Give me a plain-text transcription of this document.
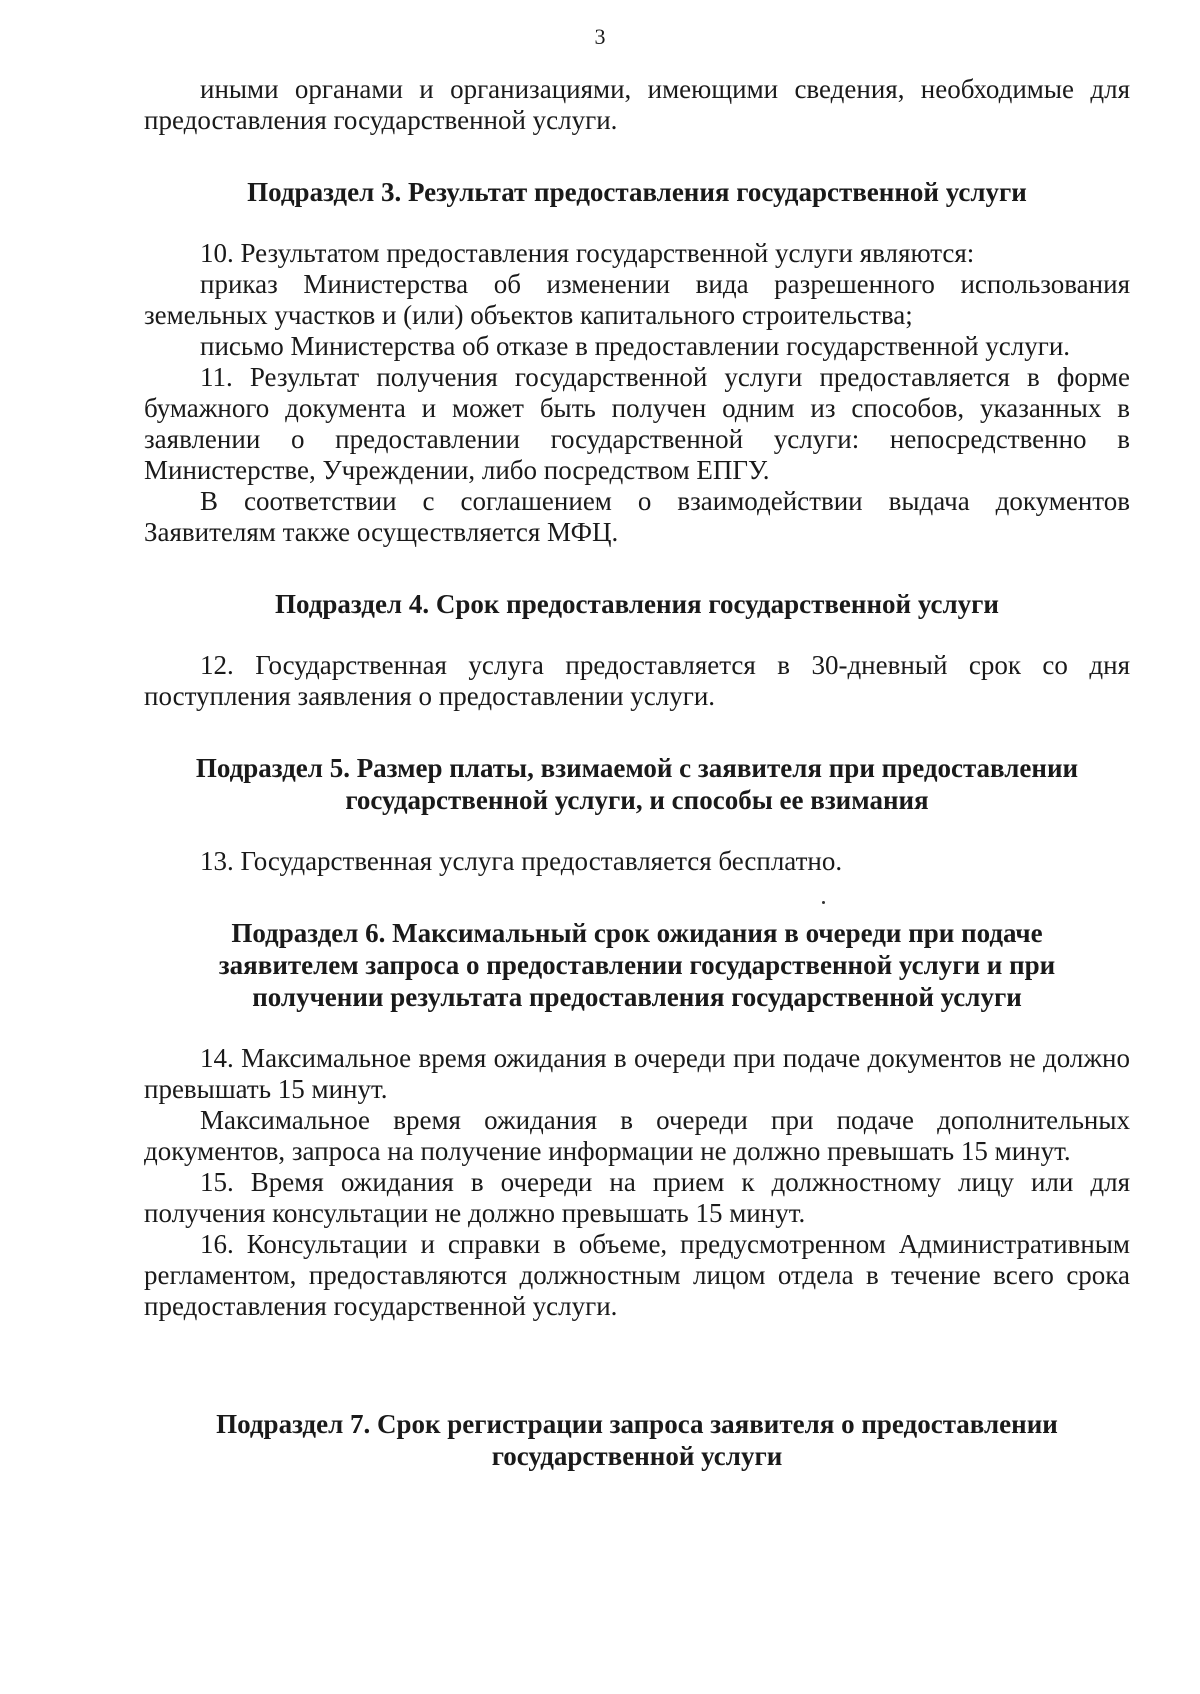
3

иными органами и организациями, имеющими сведения, необходимые для предоставления государственной услуги.

Подраздел 3. Результат предоставления государственной услуги

10. Результатом предоставления государственной услуги являются:

приказ Министерства об изменении вида разрешенного использования земельных участков и (или) объектов капитального строительства;

письмо Министерства об отказе в предоставлении государственной услуги.

11. Результат получения государственной услуги предоставляется в форме бумажного документа и может быть получен одним из способов, указанных в заявлении о предоставлении государственной услуги: непосредственно в Министерстве, Учреждении, либо посредством ЕПГУ.

В соответствии с соглашением о взаимодействии выдача документов Заявителям также осуществляется МФЦ.

Подраздел 4. Срок предоставления государственной услуги

12. Государственная услуга предоставляется в 30-дневный срок со дня поступления заявления о предоставлении услуги.

Подраздел 5. Размер платы, взимаемой с заявителя при предоставлении государственной услуги, и способы ее взимания

13. Государственная услуга предоставляется бесплатно.

Подраздел 6. Максимальный срок ожидания в очереди при подаче заявителем запроса о предоставлении государственной услуги и при получении результата предоставления государственной услуги

14. Максимальное время ожидания в очереди при подаче документов не должно превышать 15 минут.

Максимальное время ожидания в очереди при подаче дополнительных документов, запроса на получение информации не должно превышать 15 минут.

15. Время ожидания в очереди на прием к должностному лицу или для получения консультации не должно превышать 15 минут.

16. Консультации и справки в объеме, предусмотренном Административным регламентом, предоставляются должностным лицом отдела в течение всего срока предоставления государственной услуги.

Подраздел 7. Срок регистрации запроса заявителя о предоставлении государственной услуги
